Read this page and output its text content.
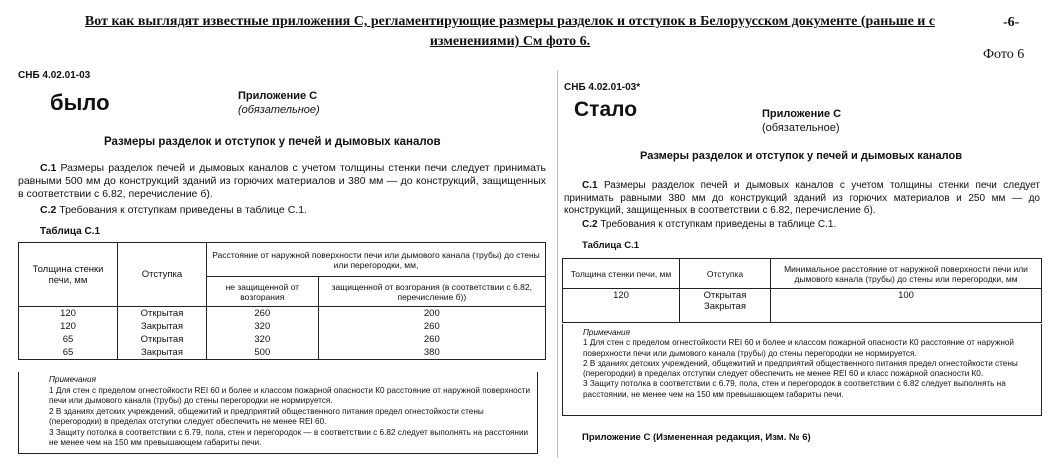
Вот как выглядят известные приложения С, регламентирующие размеры разделок и отступок в Белоруусском документе (раньше и с изменениями) См фото 6.
-6-
Фото 6
СНБ 4.02.01-03
было	Приложение С
(обязательное)
Размеры разделок и отступок у печей и дымовых каналов
С.1 Размеры разделок печей и дымовых каналов с учетом толщины стенки печи следует принимать равными 500 мм до конструкций зданий из горючих материалов и 380 мм — до конструкций, защищенных в соответствии с 6.82, перечисление б).
С.2 Требования к отступкам приведены в таблице С.1.
Таблица С.1
Толщина стенки печи, мм	Отступка	Расстояние от наружной поверхности печи или дымового канала (трубы) до стены или перегородки, мм,	
		не защищенной от возгорания	защищенной от возгорания (в соответствии с 6.82, перечисление б))
120	Открытая	260	200
120	Закрытая	320	260
65	Открытая	320	260
65	Закрытая	500	380

Примечания

1 Для стен с пределом огнестойкости REI 60 и более и классом пожарной опасности К0 расстояние от наружной поверхности печи или дымового канала (трубы) до стены перегородки не нормируется.

2 В зданиях детских учреждений, общежитий и предприятий общественного питания предел огнестойкости стены (перегородки) в пределах отступки следует обеспечить не менее REI 60.

3 Защиту потолка в соответствии с 6.79, пола, стен и перегородок — в соответствии с 6.82 следует выполнять на расстоянии не менее чем на 150 мм превышающем габариты печи.

СНБ 4.02.01-03*
Стало	Приложение С
(обязательное)
Размеры разделок и отступок у печей и дымовых каналов
С.1 Размеры разделок печей и дымовых каналов с учетом толщины стенки печи следует принимать равными 380 мм до конструкций зданий из горючих материалов и 250 мм — до конструкций, защищенных в соответствии с 6.82, перечисление б).
С.2 Требования к отступкам приведены в таблице С.1.
Таблица С.1
Толщина стенки печи, мм	Отступка	Минимальное расстояние от наружной поверхности печи или дымового канала (трубы) до стены или перегородки, мм
120	Открытая Закрытая	100

Примечания

1 Для стен с пределом огнестойкости REI 60 и более и классом пожарной опасности К0 расстояние от наружной поверхности печи или дымового канала (трубы) до стены перегородки не нормируется.

2 В зданиях детских учреждений, общежитий и предприятий общественного питания предел огнестойкости стены (перегородки) в пределах отступки следует обеспечить не менее REI 60 и класс пожарной опасности К0.

3 Защиту потолка в соответствии с 6.79, пола, стен и перегородок в соответствии с 6.82 следует выполнять на расстоянии, не менее чем на 150 мм превышающем габариты печи.

Приложение С (Измененная редакция, Изм. № 6)
